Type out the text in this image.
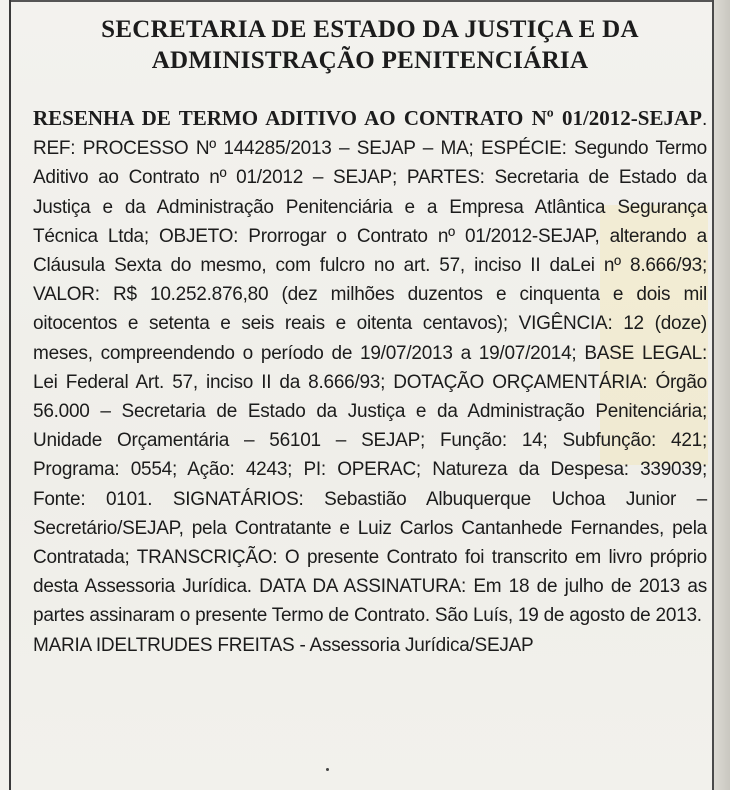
SECRETARIA DE ESTADO DA JUSTIÇA E DA
ADMINISTRAÇÃO PENITENCIÁRIA

RESENHA DE TERMO ADITIVO AO CONTRATO Nº 01/2012-SEJAP. REF: PROCESSO Nº 144285/2013 – SEJAP – MA; ESPÉCIE: Segundo Termo Aditivo ao Contrato nº 01/2012 – SEJAP; PARTES: Secretaria de Estado da Justiça e da Administração Penitenciária e a Empresa Atlântica Segurança Técnica Ltda; OBJETO: Prorrogar o Contrato nº 01/2012-SEJAP, alterando a Cláusula Sexta do mesmo, com fulcro no art. 57, inciso II daLei nº 8.666/93; VALOR: R$ 10.252.876,80 (dez milhões duzentos e cinquenta e dois mil oitocentos e setenta e seis reais e oitenta centavos); VIGÊNCIA: 12 (doze) meses, compreendendo o período de 19/07/2013 a 19/07/2014; BASE LEGAL: Lei Federal Art. 57, inciso II da 8.666/93; DOTAÇÃO ORÇAMENTÁRIA: Órgão 56.000 – Secretaria de Estado da Justiça e da Administração Penitenciária; Unidade Orçamentária – 56101 – SEJAP; Função: 14; Subfunção: 421; Programa: 0554; Ação: 4243; PI: OPERAC; Natureza da Despesa: 339039; Fonte: 0101. SIGNATÁRIOS: Sebastião Albuquerque Uchoa Junior – Secretário/SEJAP, pela Contratante e Luiz Carlos Cantanhede Fernandes, pela Contratada; TRANSCRIÇÃO: O presente Contrato foi transcrito em livro próprio desta Assessoria Jurídica. DATA DA ASSINATURA: Em 18 de julho de 2013 as partes assinaram o presente Termo de Contrato. São Luís, 19 de agosto de 2013.

MARIA IDELTRUDES FREITAS - Assessoria Jurídica/SEJAP
